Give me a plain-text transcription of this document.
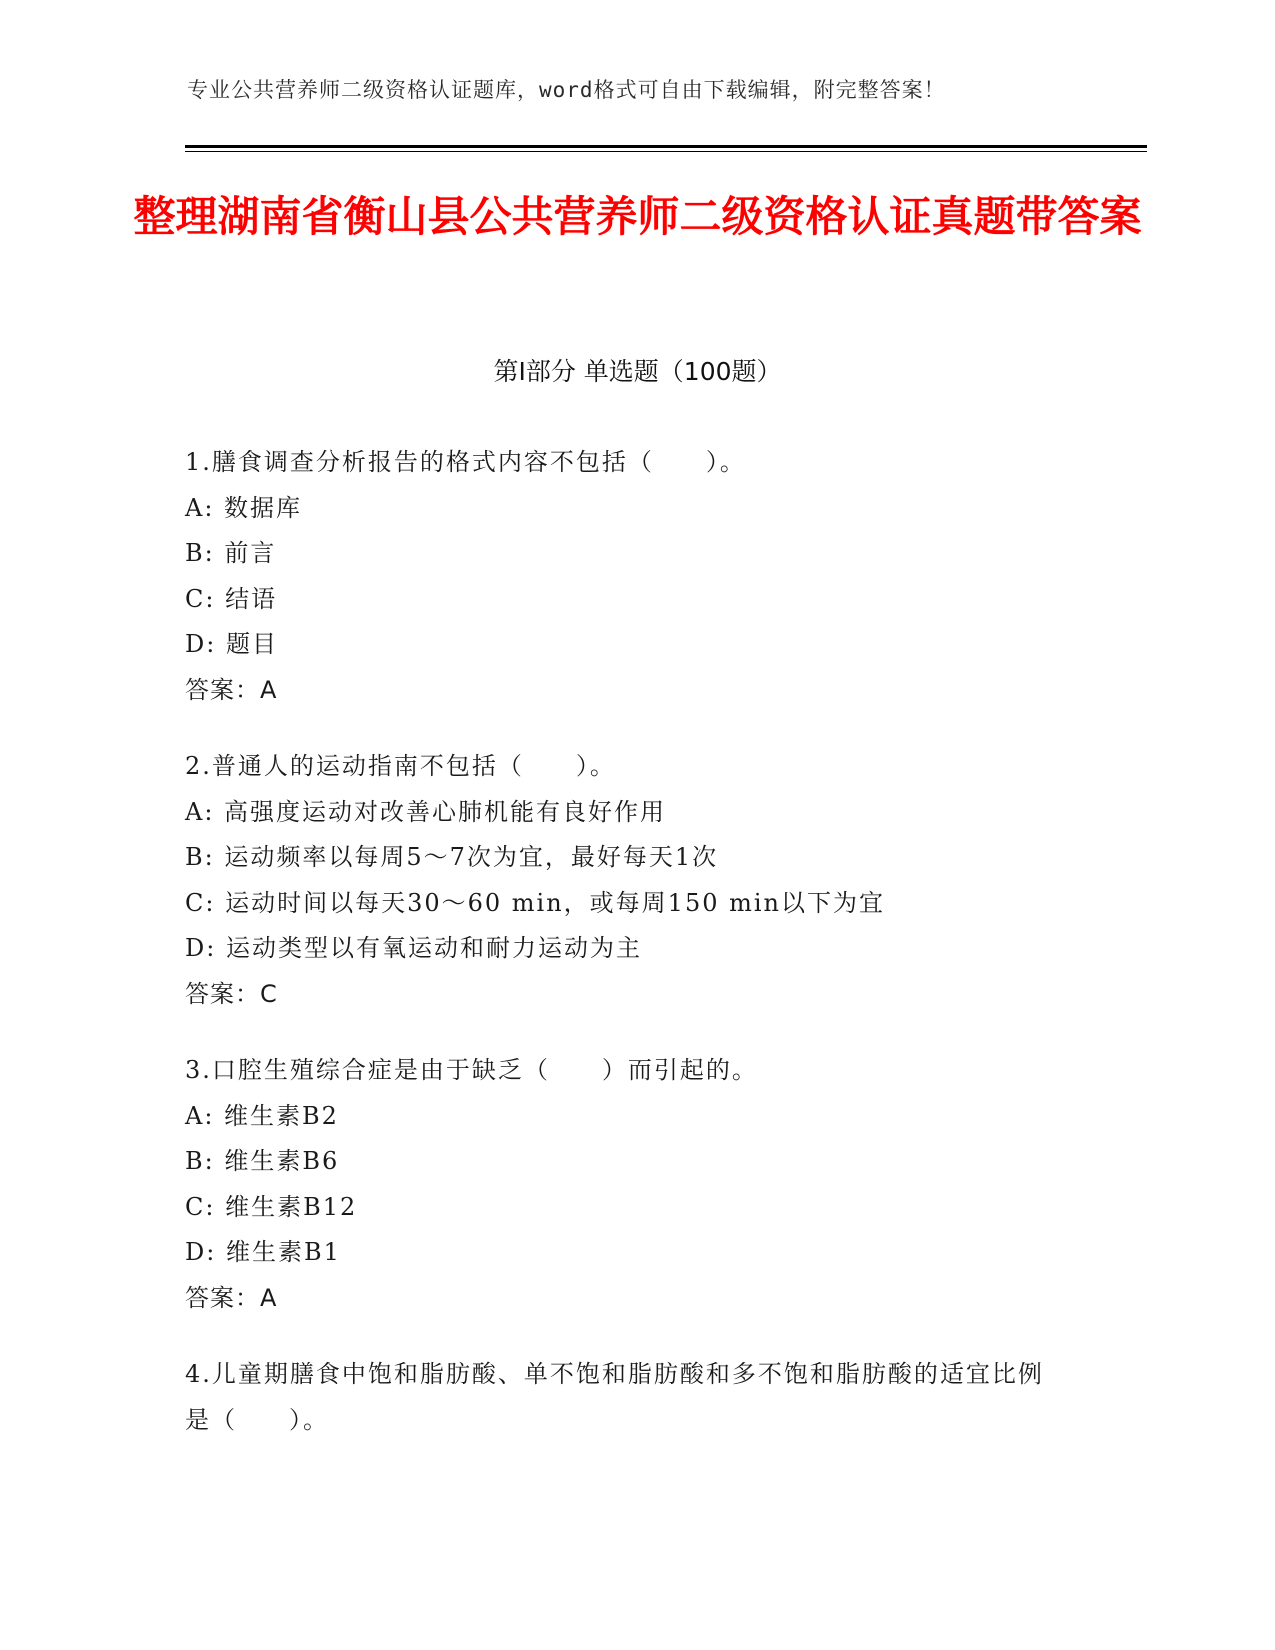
专业公共营养师二级资格认证题库，word格式可自由下载编辑，附完整答案！
整理湖南省衡山县公共营养师二级资格认证真题带答案
第Ⅰ部分 单选题（100题）
1.膳食调查分析报告的格式内容不包括（　　）。
A: 数据库
B: 前言
C: 结语
D: 题目
答案：A
2.普通人的运动指南不包括（　　）。
A: 高强度运动对改善心肺机能有良好作用
B: 运动频率以每周5～7次为宜，最好每天1次
C: 运动时间以每天30～60 min，或每周150 min以下为宜
D: 运动类型以有氧运动和耐力运动为主
答案：C
3.口腔生殖综合症是由于缺乏（　　）而引起的。
A: 维生素B2
B: 维生素B6
C: 维生素B12
D: 维生素B1
答案：A
4.儿童期膳食中饱和脂肪酸、单不饱和脂肪酸和多不饱和脂肪酸的适宜比例是（　　）。
